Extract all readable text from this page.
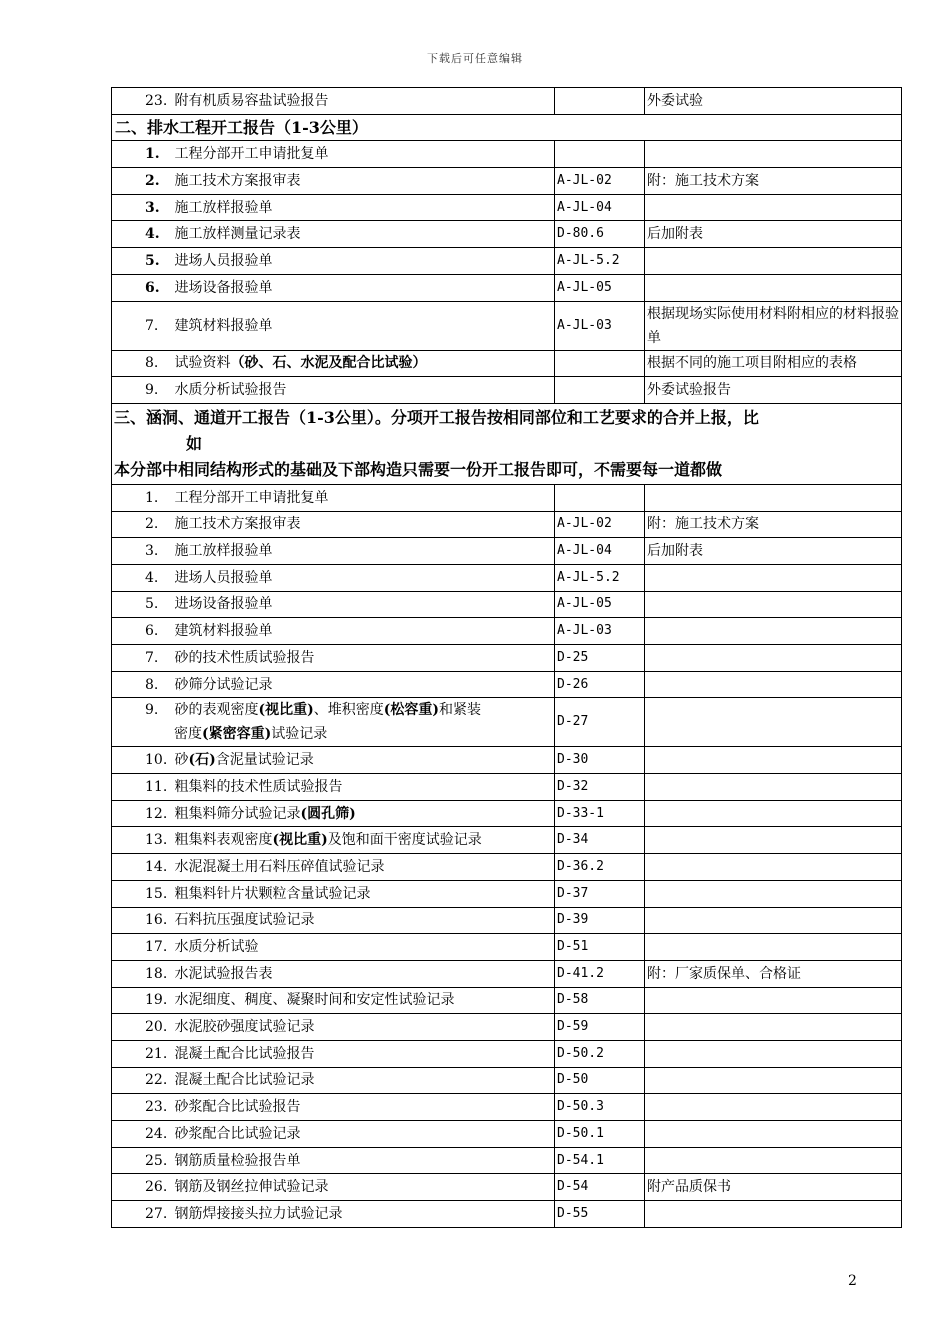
下载后可任意编辑
23. 附有机质易容盐试验报告		外委试验
二、排水工程开工报告（1-3公里）		
1. 工程分部开工申请批复单		
2. 施工技术方案报审表	A-JL-02	附：施工技术方案
3. 施工放样报验单	A-JL-04	
4. 施工放样测量记录表	D-80.6	后加附表
5. 进场人员报验单	A-JL-5.2	
6. 进场设备报验单	A-JL-05	
7. 建筑材料报验单	A-JL-03	根据现场实际使用材料附相应的材料报验单
8. 试验资料（砂、石、水泥及配合比试验）		根据不同的施工项目附相应的表格
9. 水质分析试验报告		外委试验报告
三、涵洞、通道开工报告（1-3公里）。分项开工报告按相同部位和工艺要求的合并上报，比
如
本分部中相同结构形式的基础及下部构造只需要一份开工报告即可，不需要每一道都做		
1. 工程分部开工申请批复单		
2. 施工技术方案报审表	A-JL-02	附：施工技术方案
3. 施工放样报验单	A-JL-04	后加附表
4. 进场人员报验单	A-JL-5.2	
5. 进场设备报验单	A-JL-05	
6. 建筑材料报验单	A-JL-03	
7. 砂的技术性质试验报告	D-25	
8. 砂筛分试验记录	D-26	
9. 砂的表观密度(视比重)、堆积密度(松容重)和紧装
密度(紧密容重)试验记录	D-27	
10. 砂(石)含泥量试验记录	D-30	
11. 粗集料的技术性质试验报告	D-32	
12. 粗集料筛分试验记录(圆孔筛)	D-33-1	
13. 粗集料表观密度(视比重)及饱和面干密度试验记录	D-34	
14. 水泥混凝土用石料压碎值试验记录	D-36.2	
15. 粗集料针片状颗粒含量试验记录	D-37	
16. 石料抗压强度试验记录	D-39	
17. 水质分析试验	D-51	
18. 水泥试验报告表	D-41.2	附：厂家质保单、合格证
19. 水泥细度、稠度、凝聚时间和安定性试验记录	D-58	
20. 水泥胶砂强度试验记录	D-59	
21. 混凝土配合比试验报告	D-50.2	
22. 混凝土配合比试验记录	D-50	
23. 砂浆配合比试验报告	D-50.3	
24. 砂浆配合比试验记录	D-50.1	
25. 钢筋质量检验报告单	D-54.1	
26. 钢筋及钢丝拉伸试验记录	D-54	附产品质保书
27. 钢筋焊接接头拉力试验记录	D-55	
2
